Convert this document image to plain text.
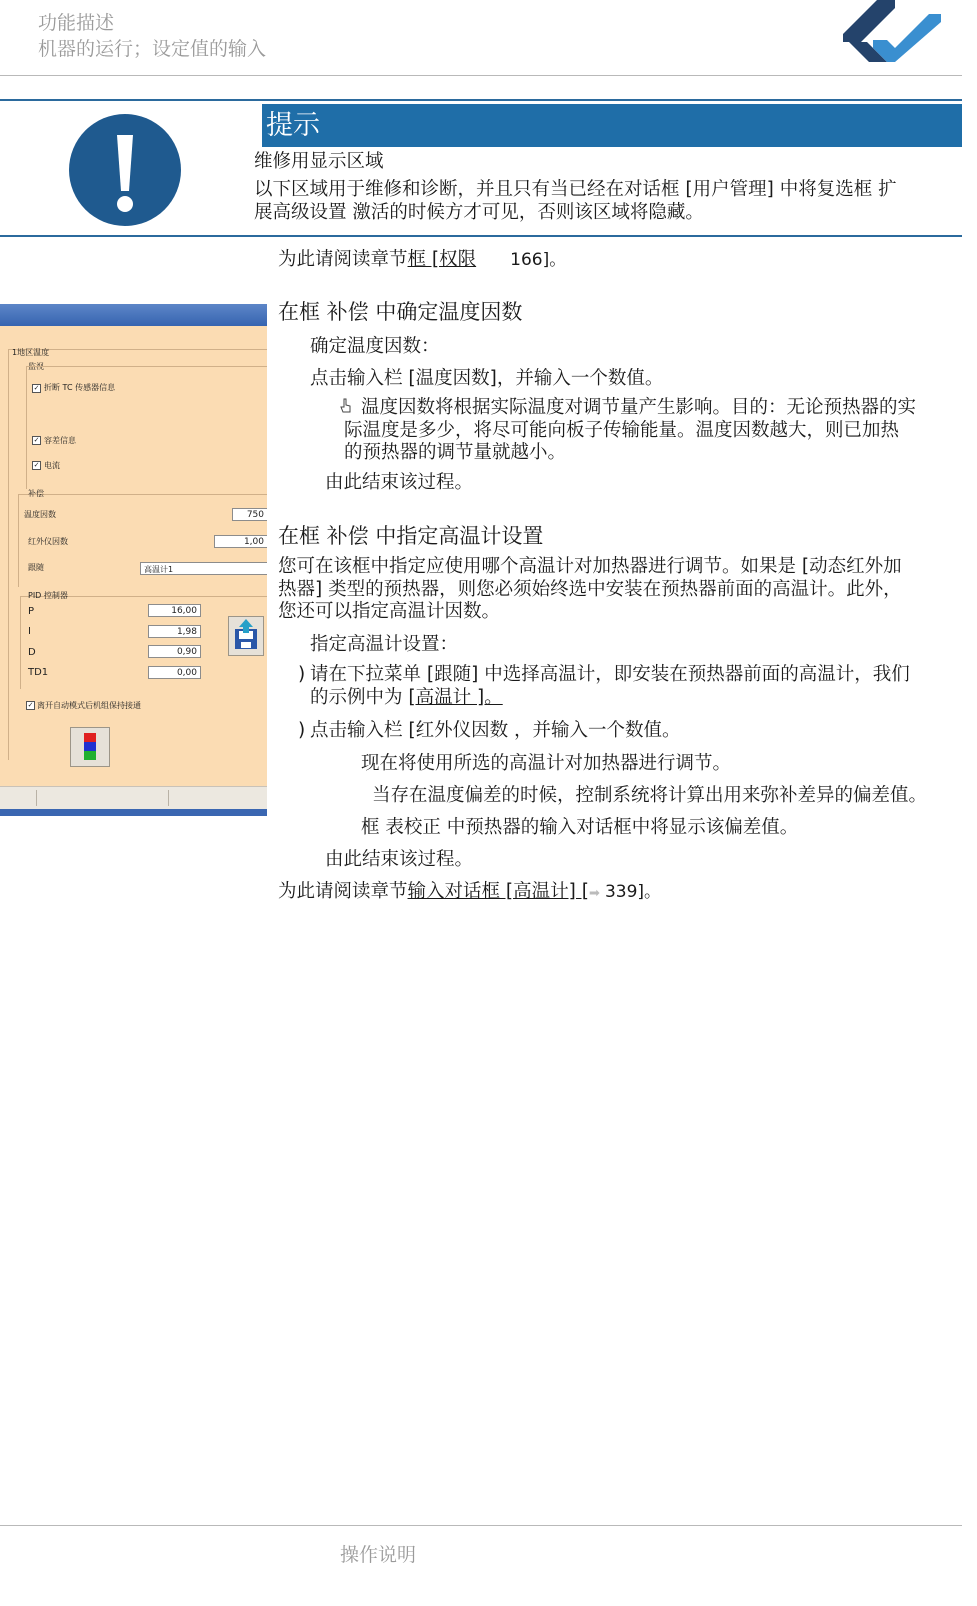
功能描述
机器的运行；设定值的输入
提示
维修用显示区域
以下区域用于维修和诊断，并且只有当已经在对话框 [用户管理] 中将复选框 扩
展高级设置 激活的时候方才可见，否则该区域将隐藏。
为此请阅读章节框 [权限 166]。
1地区温度
监视
✓ 折断 TC 传感器信息
✓ 容差信息
✓ 电流
补偿
温度因数	750
红外仪因数	1,00
跟随	高温计1
PID 控制器
P	16,00
I	1,98
D	0,90
TD1	0,00
✓ 离开自动模式后机组保持接通
在框 补偿 中确定温度因数
确定温度因数：
点击输入栏 [温度因数]，并输入一个数值。
温度因数将根据实际温度对调节量产生影响。目的：无论预热器的实
际温度是多少，将尽可能向板子传输能量。温度因数越大，则已加热
的预热器的调节量就越小。
由此结束该过程。
在框 补偿 中指定高温计设置
您可在该框中指定应使用哪个高温计对加热器进行调节。如果是 [动态红外加
热器] 类型的预热器，则您必须始终选中安装在预热器前面的高温计。此外，
您还可以指定高温计因数。
指定高温计设置：
) 请在下拉菜单 [跟随] 中选择高温计，即安装在预热器前面的高温计，我们
的示例中为 [高温计 ]。
) 点击输入栏 [红外仪因数 ，并输入一个数值。
现在将使用所选的高温计对加热器进行调节。
当存在温度偏差的时候，控制系统将计算出用来弥补差异的偏差值。
框 表校正 中预热器的输入对话框中将显示该偏差值。
由此结束该过程。
为此请阅读章节输入对话框 [高温计] [➡ 339]。
操作说明
